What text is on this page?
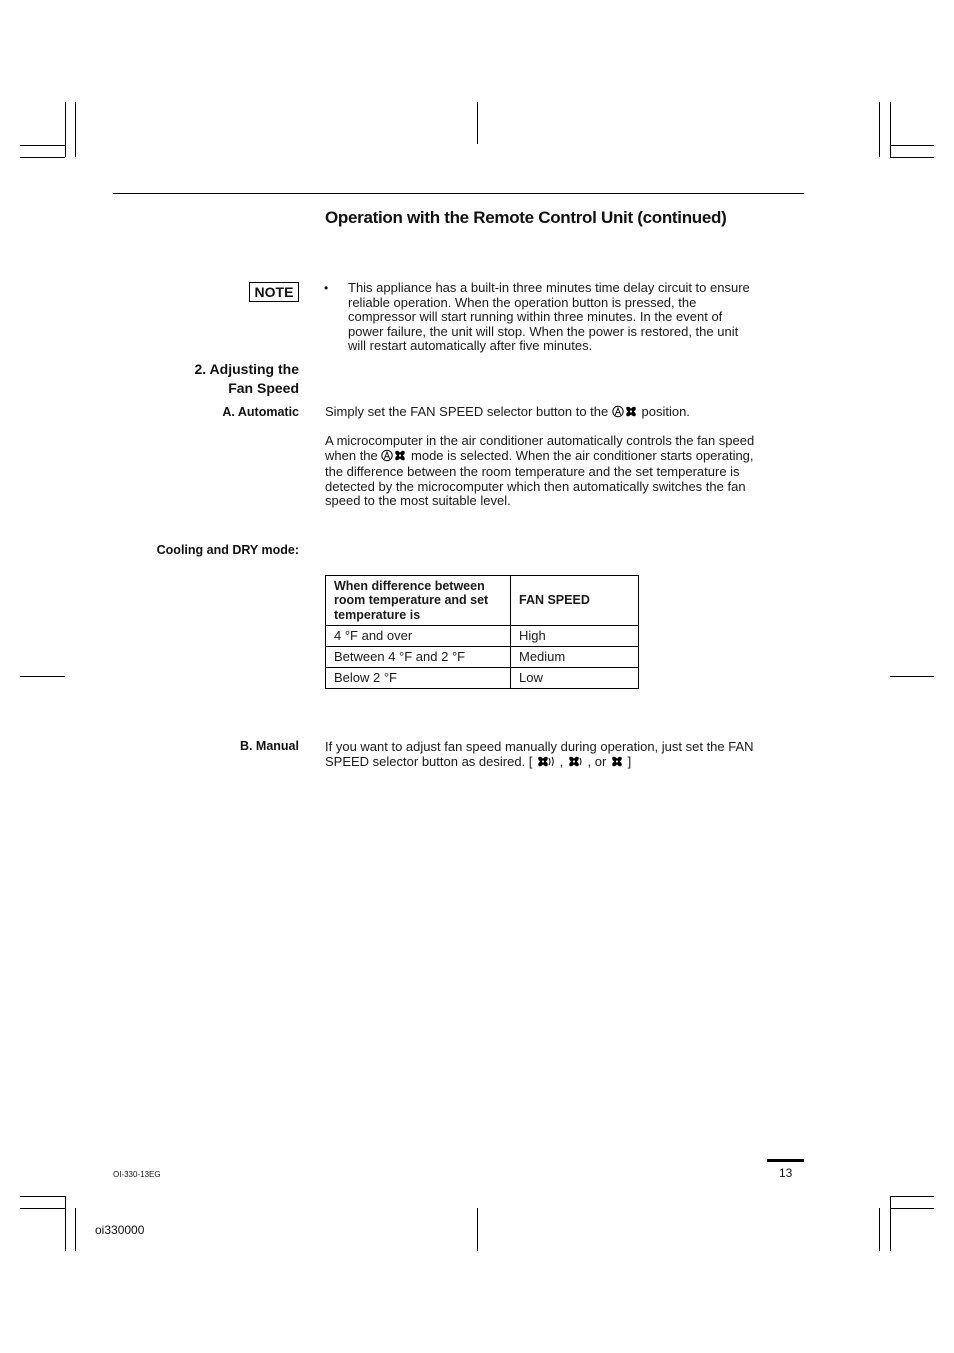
Operation with the Remote Control Unit (continued)
NOTE	• This appliance has a built-in three minutes time delay circuit to ensure
reliable operation. When the operation button is pressed, the
compressor will start running within three minutes. In the event of
power failure, the unit will stop. When the power is restored, the unit
will restart automatically after five minutes.
2. Adjusting the
Fan Speed
A. Automatic Simply set the FAN SPEED selector button to the	position.
A microcomputer in the air conditioner automatically controls the fan speed
when the	mode is selected. When the air conditioner starts operating,
the difference between the room temperature and the set temperature is
detected by the microcomputer which then automatically switches the fan
speed to the most suitable level.
Cooling and DRY mode:
When difference between
room temperature and set
temperature is	FAN SPEED
4 °F and over	High
Between 4 °F and 2 °F	Medium
Below 2 °F	Low
B. Manual If you want to adjust fan speed manually during operation, just set the FAN
SPEED selector button as desired. [ , , or ]
13
OI-330-13EG
oi330000
